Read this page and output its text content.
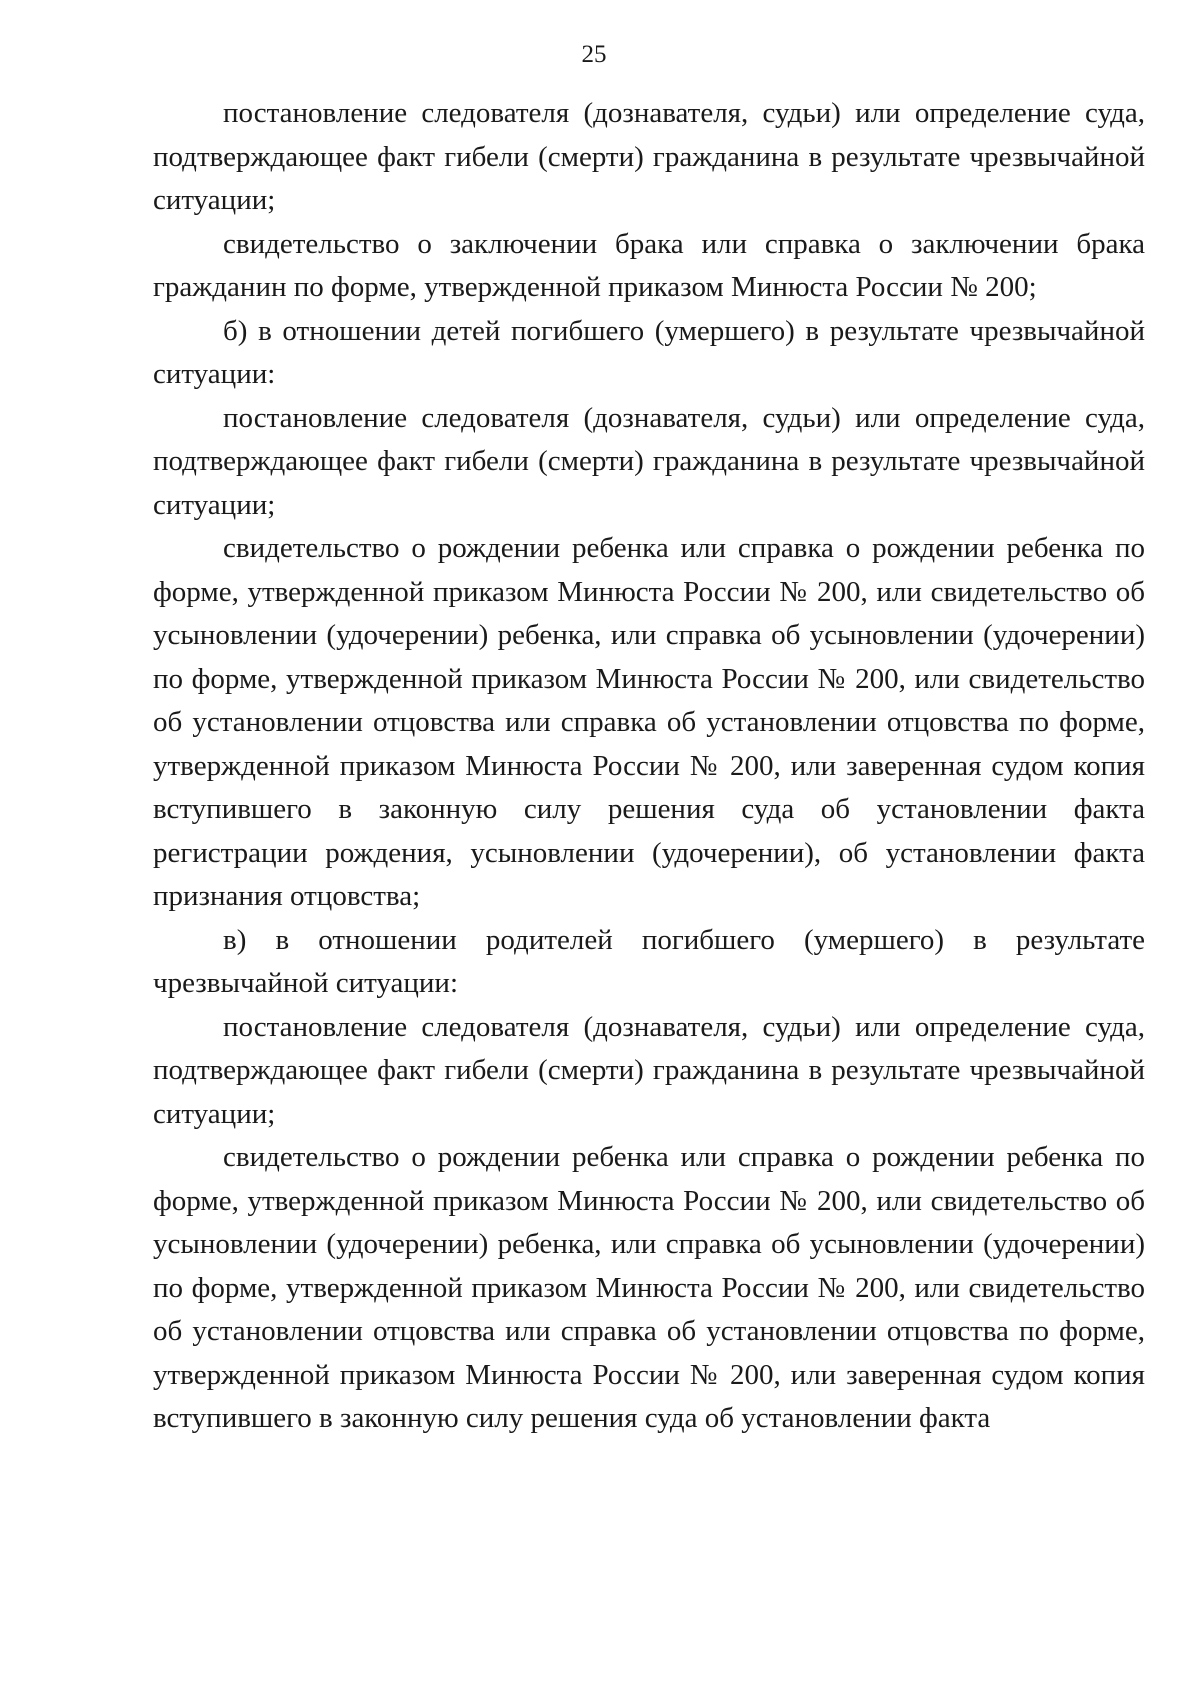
25

постановление следователя (дознавателя, судьи) или определение суда, подтверждающее факт гибели (смерти) гражданина в результате чрезвычайной ситуации;

свидетельство о заключении брака или справка о заключении брака гражданин по форме, утвержденной приказом Минюста России № 200;

б) в отношении детей погибшего (умершего) в результате чрезвычайной ситуации:

постановление следователя (дознавателя, судьи) или определение суда, подтверждающее факт гибели (смерти) гражданина в результате чрезвычайной ситуации;

свидетельство о рождении ребенка или справка о рождении ребенка по форме, утвержденной приказом Минюста России № 200, или свидетельство об усыновлении (удочерении) ребенка, или справка об усыновлении (удочерении) по форме, утвержденной приказом Минюста России № 200, или свидетельство об установлении отцовства или справка об установлении отцовства по форме, утвержденной приказом Минюста России № 200, или заверенная судом копия вступившего в законную силу решения суда об установлении факта регистрации рождения, усыновлении (удочерении), об установлении факта признания отцовства;

в) в отношении родителей погибшего (умершего) в результате чрезвычайной ситуации:

постановление следователя (дознавателя, судьи) или определение суда, подтверждающее факт гибели (смерти) гражданина в результате чрезвычайной ситуации;

свидетельство о рождении ребенка или справка о рождении ребенка по форме, утвержденной приказом Минюста России № 200, или свидетельство об усыновлении (удочерении) ребенка, или справка об усыновлении (удочерении) по форме, утвержденной приказом Минюста России № 200, или свидетельство об установлении отцовства или справка об установлении отцовства по форме, утвержденной приказом Минюста России № 200, или заверенная судом копия вступившего в законную силу решения суда об установлении факта
